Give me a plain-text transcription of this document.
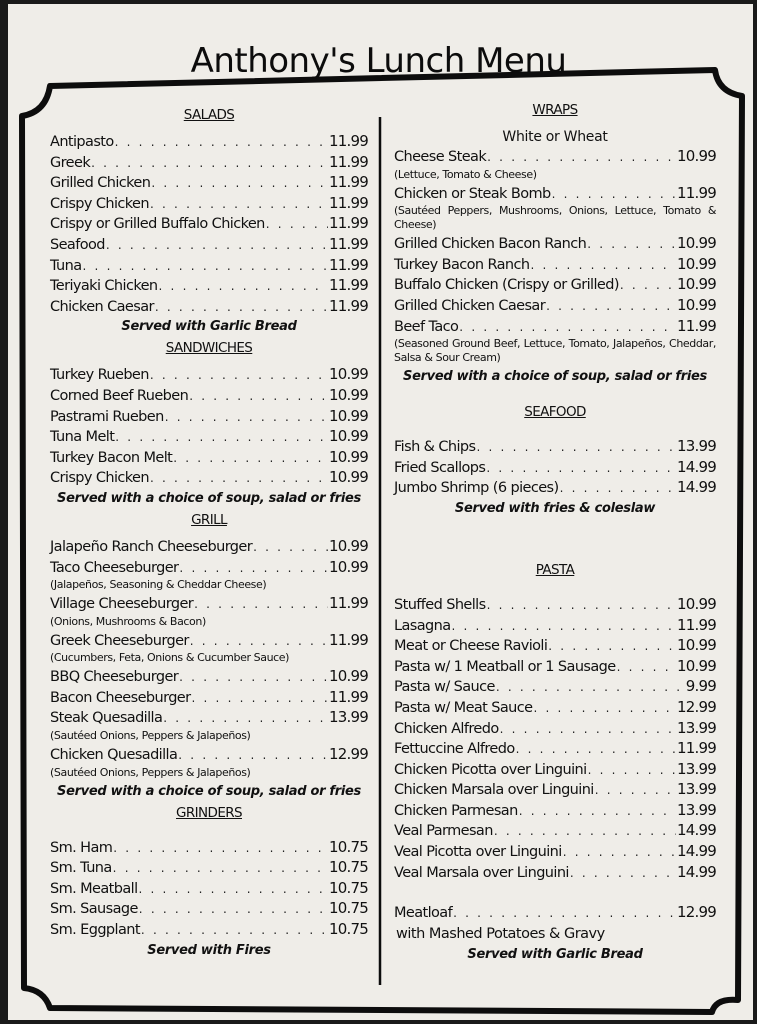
Anthony's Lunch Menu
SALADS
Antipasto . . .	11.99
Greek . . .	11.99
Grilled Chicken . . .	11.99
Crispy Chicken . . .	11.99
Crispy or Grilled Buffalo Chicken . . .	11.99
Seafood . . .	11.99
Tuna . . .	11.99
Teriyaki Chicken . . .	11.99
Chicken Caesar . . .	11.99
Served with Garlic Bread
SANDWICHES
Turkey Rueben . . .	10.99
Corned Beef Rueben . . .	10.99
Pastrami Rueben . . .	10.99
Tuna Melt . . .	10.99
Turkey Bacon Melt . . .	10.99
Crispy Chicken . . .	10.99
Served with a choice of soup, salad or fries
GRILL
Jalapeño Ranch Cheeseburger . . .	10.99
Taco Cheeseburger . . .	10.99
(Jalapeños, Seasoning & Cheddar Cheese)
Village Cheeseburger . . .	11.99
(Onions, Mushrooms & Bacon)
Greek Cheeseburger . . .	11.99
(Cucumbers, Feta, Onions & Cucumber Sauce)
BBQ Cheeseburger . . .	10.99
Bacon Cheeseburger . . .	11.99
Steak Quesadilla . . .	13.99
(Sautéed Onions, Peppers & Jalapeños)
Chicken Quesadilla . . .	12.99
(Sautéed Onions, Peppers & Jalapeños)
Served with a choice of soup, salad or fries
GRINDERS
Sm. Ham . . .	10.75
Sm. Tuna . . .	10.75
Sm. Meatball . . .	10.75
Sm. Sausage . . .	10.75
Sm. Eggplant . . .	10.75
Served with Fires
WRAPS
White or Wheat
Cheese Steak . . .	10.99
(Lettuce, Tomato & Cheese)
Chicken or Steak Bomb . . .	11.99
(Sautéed Peppers, Mushrooms, Onions, Lettuce, Tomato & Cheese)
Grilled Chicken Bacon Ranch . . .	10.99
Turkey Bacon Ranch . . .	10.99
Buffalo Chicken (Crispy or Grilled) . . .	10.99
Grilled Chicken Caesar . . .	10.99
Beef Taco . . .	11.99
(Seasoned Ground Beef, Lettuce, Tomato, Jalapeños, Cheddar, Salsa & Sour Cream)
Served with a choice of soup, salad or fries
SEAFOOD
Fish & Chips . . .	13.99
Fried Scallops . . .	14.99
Jumbo Shrimp (6 pieces) . . .	14.99
Served with fries & coleslaw
PASTA
Stuffed Shells . . .	10.99
Lasagna . . .	11.99
Meat or Cheese Ravioli . . .	10.99
Pasta w/ 1 Meatball or 1 Sausage . . .	10.99
Pasta w/ Sauce . . .	9.99
Pasta w/ Meat Sauce . . .	12.99
Chicken Alfredo . . .	13.99
Fettuccine Alfredo . . .	11.99
Chicken Picotta over Linguini . . .	13.99
Chicken Marsala over Linguini . . .	13.99
Chicken Parmesan . . .	13.99
Veal Parmesan . . .	14.99
Veal Picotta over Linguini . . .	14.99
Veal Marsala over Linguini . . .	14.99
Meatloaf . . .	12.99
with Mashed Potatoes & Gravy
Served with Garlic Bread
